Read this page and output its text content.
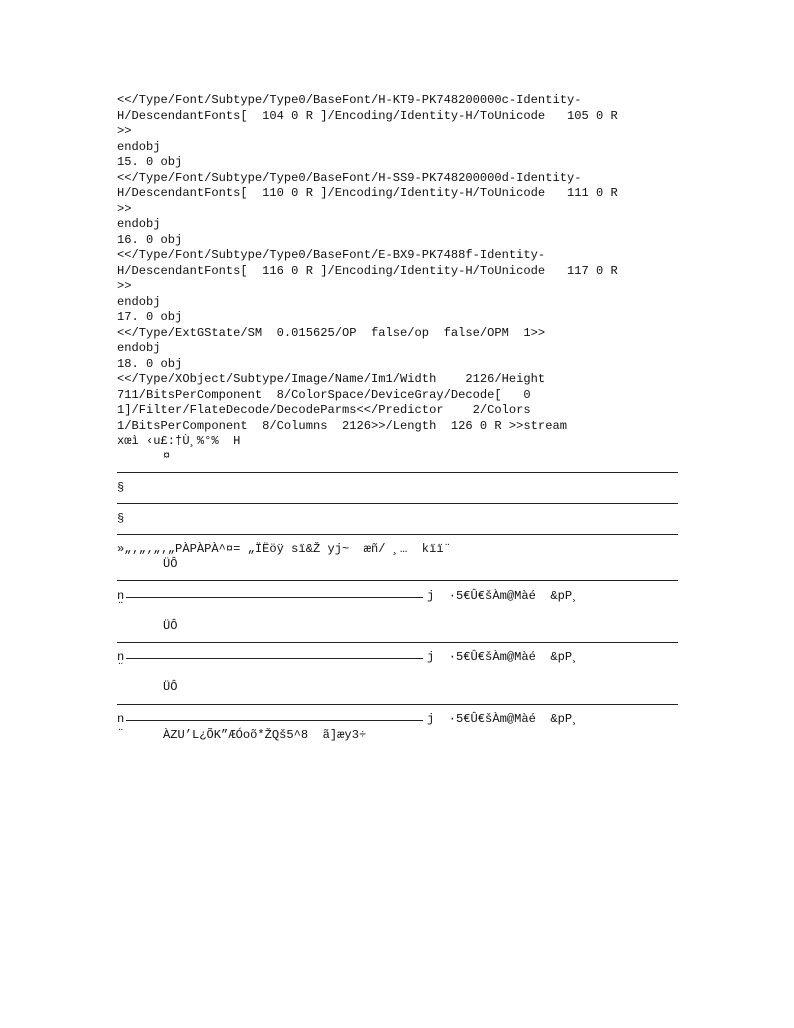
<</Type/Font/Subtype/Type0/BaseFont/H-KT9-PK748200000c-Identity-
H/DescendantFonts[  104 0 R ]/Encoding/Identity-H/ToUnicode   105 0 R
>>
endobj
15. 0 obj
<</Type/Font/Subtype/Type0/BaseFont/H-SS9-PK748200000d-Identity-
H/DescendantFonts[  110 0 R ]/Encoding/Identity-H/ToUnicode   111 0 R
>>
endobj
16. 0 obj
<</Type/Font/Subtype/Type0/BaseFont/E-BX9-PK7488f-Identity-
H/DescendantFonts[  116 0 R ]/Encoding/Identity-H/ToUnicode   117 0 R
>>
endobj
17. 0 obj
<</Type/ExtGState/SM  0.015625/OP  false/op  false/OPM  1>>
endobj
18. 0 obj
<</Type/XObject/Subtype/Image/Name/Im1/Width    2126/Height
711/BitsPerComponent  8/ColorSpace/DeviceGray/Decode[   0
1]/Filter/FlateDecode/DecodeParms<</Predictor    2/Colors
1/BitsPerComponent  8/Columns  2126>>/Length  126 0 R >>stream
xœì ‹u£:†Ù¸%°%  H
¤
§
§
»„‚„‚„‚„PÀPÀPÀ^¤= „ÏËöÿ sï&Ž yj~  æñ/ ¸…  kïï¨
ÜÔ
n	j  ·5€Û€šÀm@Màé  &pP¸
¨
ÜÔ
n	j  ·5€Û€šÀm@Màé  &pP¸
¨
ÜÔ
n	j  ·5€Û€šÀm@Màé  &pP¸
¨	ÀZU’L¿ÕK”ÆÓoõ*ŽQš5^8  ã]æy3÷
